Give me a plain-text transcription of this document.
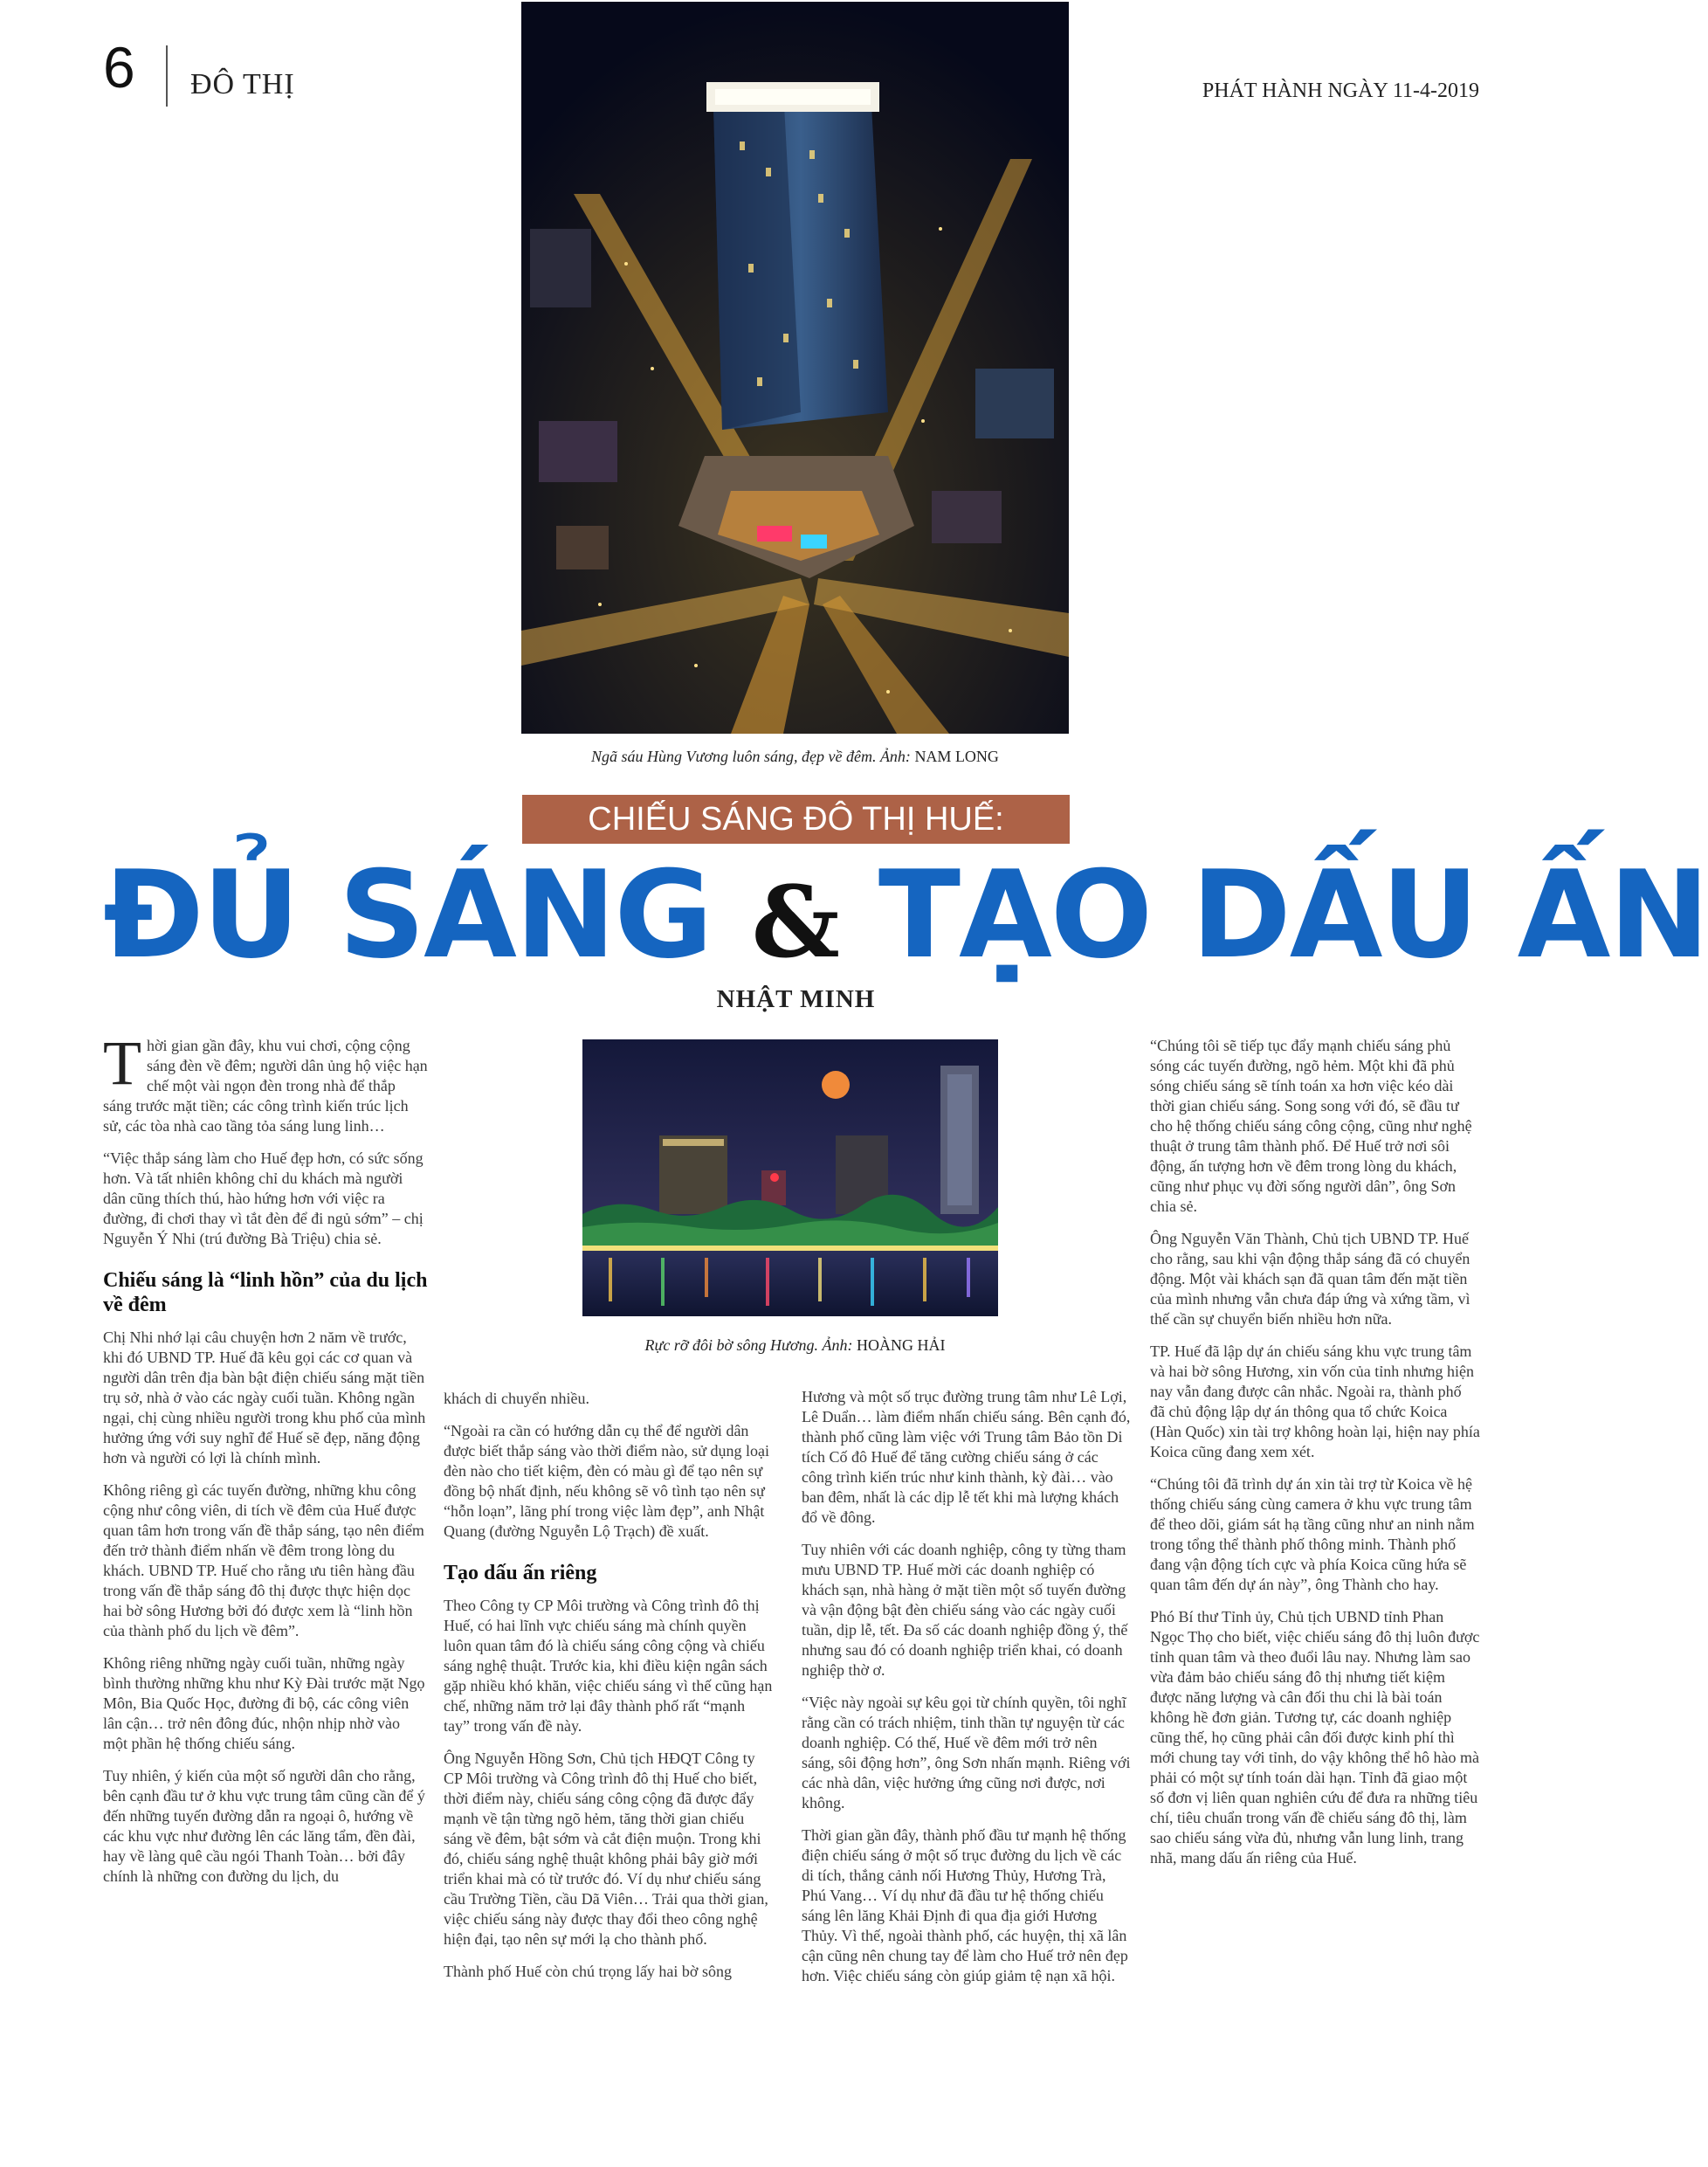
6 ĐÔ THỊ	PHÁT HÀNH NGÀY 11-4-2019
Ngã sáu Hùng Vương luôn sáng, đẹp về đêm. Ảnh: NAM LONG
CHIẾU SÁNG ĐÔ THỊ HUẾ:
ĐỦ SÁNG & TẠO DẤU ẤN
NHẬT MINH
Rực rỡ đôi bờ sông Hương. Ảnh: HOÀNG HẢI

Thời gian gần đây, khu vui chơi, cộng cộng sáng đèn về đêm; người dân ủng hộ việc hạn chế một vài ngọn đèn trong nhà để thắp sáng trước mặt tiền; các công trình kiến trúc lịch sử, các tòa nhà cao tầng tỏa sáng lung linh…

“Việc thắp sáng làm cho Huế đẹp hơn, có sức sống hơn. Và tất nhiên không chỉ du khách mà người dân cũng thích thú, hào hứng hơn với việc ra đường, đi chơi thay vì tắt đèn để đi ngủ sớm” – chị Nguyễn Ý Nhi (trú đường Bà Triệu) chia sẻ.

Chiếu sáng là “linh hồn” của du lịch về đêm

Chị Nhi nhớ lại câu chuyện hơn 2 năm về trước, khi đó UBND TP. Huế đã kêu gọi các cơ quan và người dân trên địa bàn bật điện chiếu sáng mặt tiền trụ sở, nhà ở vào các ngày cuối tuần. Không ngần ngại, chị cùng nhiều người trong khu phố của mình hưởng ứng với suy nghĩ để Huế sẽ đẹp, năng động hơn và người có lợi là chính mình.

Không riêng gì các tuyến đường, những khu công cộng như công viên, di tích về đêm của Huế được quan tâm hơn trong vấn đề thắp sáng, tạo nên điểm đến trở thành điểm nhấn về đêm trong lòng du khách. UBND TP. Huế cho rằng ưu tiên hàng đầu trong vấn đề thắp sáng đô thị được thực hiện dọc hai bờ sông Hương bởi đó được xem là “linh hồn của thành phố du lịch về đêm”.

Không riêng những ngày cuối tuần, những ngày bình thường những khu như Kỳ Đài trước mặt Ngọ Môn, Bia Quốc Học, đường đi bộ, các công viên lân cận… trở nên đông đúc, nhộn nhịp nhờ vào một phần hệ thống chiếu sáng.

Tuy nhiên, ý kiến của một số người dân cho rằng, bên cạnh đầu tư ở khu vực trung tâm cũng cần để ý đến những tuyến đường dẫn ra ngoại ô, hướng về các khu vực như đường lên các lăng tẩm, đền đài, hay về làng quê cầu ngói Thanh Toàn… bởi đây chính là những con đường du lịch, du

khách di chuyển nhiều.

“Ngoài ra cần có hướng dẫn cụ thể để người dân được biết thắp sáng vào thời điểm nào, sử dụng loại đèn nào cho tiết kiệm, đèn có màu gì để tạo nên sự đồng bộ nhất định, nếu không sẽ vô tình tạo nên sự “hỗn loạn”, lãng phí trong việc làm đẹp”, anh Nhật Quang (đường Nguyễn Lộ Trạch) đề xuất.

Tạo dấu ấn riêng

Theo Công ty CP Môi trường và Công trình đô thị Huế, có hai lĩnh vực chiếu sáng mà chính quyền luôn quan tâm đó là chiếu sáng công cộng và chiếu sáng nghệ thuật. Trước kia, khi điều kiện ngân sách gặp nhiều khó khăn, việc chiếu sáng vì thế cũng hạn chế, những năm trở lại đây thành phố rất “mạnh tay” trong vấn đề này.

Ông Nguyễn Hồng Sơn, Chủ tịch HĐQT Công ty CP Môi trường và Công trình đô thị Huế cho biết, thời điểm này, chiếu sáng công cộng đã được đẩy mạnh về tận từng ngõ hẻm, tăng thời gian chiếu sáng về đêm, bật sớm và cắt điện muộn. Trong khi đó, chiếu sáng nghệ thuật không phải bây giờ mới triển khai mà có từ trước đó. Ví dụ như chiếu sáng cầu Trường Tiền, cầu Dã Viên… Trải qua thời gian, việc chiếu sáng này được thay đổi theo công nghệ hiện đại, tạo nên sự mới lạ cho thành phố.

Thành phố Huế còn chú trọng lấy hai bờ sông

Hương và một số trục đường trung tâm như Lê Lợi, Lê Duẩn… làm điểm nhấn chiếu sáng. Bên cạnh đó, thành phố cũng làm việc với Trung tâm Bảo tồn Di tích Cố đô Huế để tăng cường chiếu sáng ở các công trình kiến trúc như kinh thành, kỳ đài… vào ban đêm, nhất là các dịp lễ tết khi mà lượng khách đổ về đông.

Tuy nhiên với các doanh nghiệp, công ty từng tham mưu UBND TP. Huế mời các doanh nghiệp có khách sạn, nhà hàng ở mặt tiền một số tuyến đường và vận động bật đèn chiếu sáng vào các ngày cuối tuần, dịp lễ, tết. Đa số các doanh nghiệp đồng ý, thế nhưng sau đó có doanh nghiệp triển khai, có doanh nghiệp thờ ơ.

“Việc này ngoài sự kêu gọi từ chính quyền, tôi nghĩ rằng cần có trách nhiệm, tinh thần tự nguyện từ các doanh nghiệp. Có thế, Huế về đêm mới trở nên sáng, sôi động hơn”, ông Sơn nhấn mạnh. Riêng với các nhà dân, việc hưởng ứng cũng nơi được, nơi không.

Thời gian gần đây, thành phố đầu tư mạnh hệ thống điện chiếu sáng ở một số trục đường du lịch về các di tích, thắng cảnh nối Hương Thủy, Hương Trà, Phú Vang… Ví dụ như đã đầu tư hệ thống chiếu sáng lên lăng Khải Định đi qua địa giới Hương Thủy. Vì thế, ngoài thành phố, các huyện, thị xã lân cận cũng nên chung tay để làm cho Huế trở nên đẹp hơn. Việc chiếu sáng còn giúp giảm tệ nạn xã hội.

“Chúng tôi sẽ tiếp tục đẩy mạnh chiếu sáng phủ sóng các tuyến đường, ngõ hẻm. Một khi đã phủ sóng chiếu sáng sẽ tính toán xa hơn việc kéo dài thời gian chiếu sáng. Song song với đó, sẽ đầu tư cho hệ thống chiếu sáng công cộng, cũng như nghệ thuật ở trung tâm thành phố. Để Huế trở nơi sôi động, ấn tượng hơn về đêm trong lòng du khách, cũng như phục vụ đời sống người dân”, ông Sơn chia sẻ.

Ông Nguyễn Văn Thành, Chủ tịch UBND TP. Huế cho rằng, sau khi vận động thắp sáng đã có chuyển động. Một vài khách sạn đã quan tâm đến mặt tiền của mình nhưng vẫn chưa đáp ứng và xứng tầm, vì thế cần sự chuyển biến nhiều hơn nữa.

TP. Huế đã lập dự án chiếu sáng khu vực trung tâm và hai bờ sông Hương, xin vốn của tỉnh nhưng hiện nay vẫn đang được cân nhắc. Ngoài ra, thành phố đã chủ động lập dự án thông qua tổ chức Koica (Hàn Quốc) xin tài trợ không hoàn lại, hiện nay phía Koica cũng đang xem xét.

“Chúng tôi đã trình dự án xin tài trợ từ Koica về hệ thống chiếu sáng cùng camera ở khu vực trung tâm để theo dõi, giám sát hạ tầng cũng như an ninh nằm trong tổng thể thành phố thông minh. Thành phố đang vận động tích cực và phía Koica cũng hứa sẽ quan tâm đến dự án này”, ông Thành cho hay.

Phó Bí thư Tỉnh ủy, Chủ tịch UBND tỉnh Phan Ngọc Thọ cho biết, việc chiếu sáng đô thị luôn được tỉnh quan tâm và theo đuổi lâu nay. Nhưng làm sao vừa đảm bảo chiếu sáng đô thị nhưng tiết kiệm được năng lượng và cân đối thu chi là bài toán không hề đơn giản. Tương tự, các doanh nghiệp cũng thế, họ cũng phải cân đối được kinh phí thì mới chung tay với tỉnh, do vậy không thể hô hào mà phải có một sự tính toán dài hạn. Tỉnh đã giao một số đơn vị liên quan nghiên cứu để đưa ra những tiêu chí, tiêu chuẩn trong vấn đề chiếu sáng đô thị, làm sao chiếu sáng vừa đủ, nhưng vẫn lung linh, trang nhã, mang dấu ấn riêng của Huế.
